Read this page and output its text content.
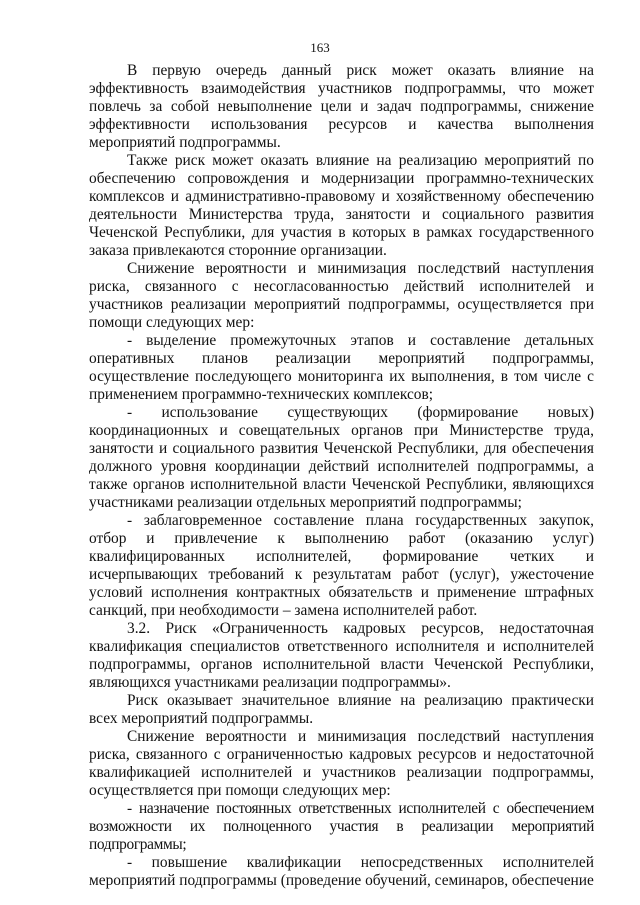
163

В первую очередь данный риск может оказать влияние на эффективность взаимодействия участников подпрограммы, что может повлечь за собой невыполнение цели и задач подпрограммы, снижение эффективности использования ресурсов и качества выполнения мероприятий подпрограммы.

Также риск может оказать влияние на реализацию мероприятий по обеспечению сопровождения и модернизации программно-технических комплексов и административно-правовому и хозяйственному обеспечению деятельности Министерства труда, занятости и социального развития Чеченской Республики, для участия в которых в рамках государственного заказа привлекаются сторонние организации.

Снижение вероятности и минимизация последствий наступления риска, связанного с несогласованностью действий исполнителей и участников реализации мероприятий подпрограммы, осуществляется при помощи следующих мер:

- выделение промежуточных этапов и составление детальных оперативных планов реализации мероприятий подпрограммы, осуществление последующего мониторинга их выполнения, в том числе с применением программно-технических комплексов;

- использование существующих (формирование новых) координационных и совещательных органов при Министерстве труда, занятости и социального развития Чеченской Республики, для обеспечения должного уровня координации действий исполнителей подпрограммы, а также органов исполнительной власти Чеченской Республики, являющихся участниками реализации отдельных мероприятий подпрограммы;

- заблаговременное составление плана государственных закупок, отбор и привлечение к выполнению работ (оказанию услуг) квалифицированных исполнителей, формирование четких и исчерпывающих требований к результатам работ (услуг), ужесточение условий исполнения контрактных обязательств и применение штрафных санкций, при необходимости – замена исполнителей работ.

3.2. Риск «Ограниченность кадровых ресурсов, недостаточная квалификация специалистов ответственного исполнителя и исполнителей подпрограммы, органов исполнительной власти Чеченской Республики, являющихся участниками реализации подпрограммы».

Риск оказывает значительное влияние на реализацию практически всех мероприятий подпрограммы.

Снижение вероятности и минимизация последствий наступления риска, связанного с ограниченностью кадровых ресурсов и недостаточной квалификацией исполнителей и участников реализации подпрограммы, осуществляется при помощи следующих мер:

- назначение постоянных ответственных исполнителей с обеспечением возможности их полноценного участия в реализации мероприятий подпрограммы;

- повышение квалификации непосредственных исполнителей мероприятий подпрограммы (проведение обучений, семинаров, обеспечение
